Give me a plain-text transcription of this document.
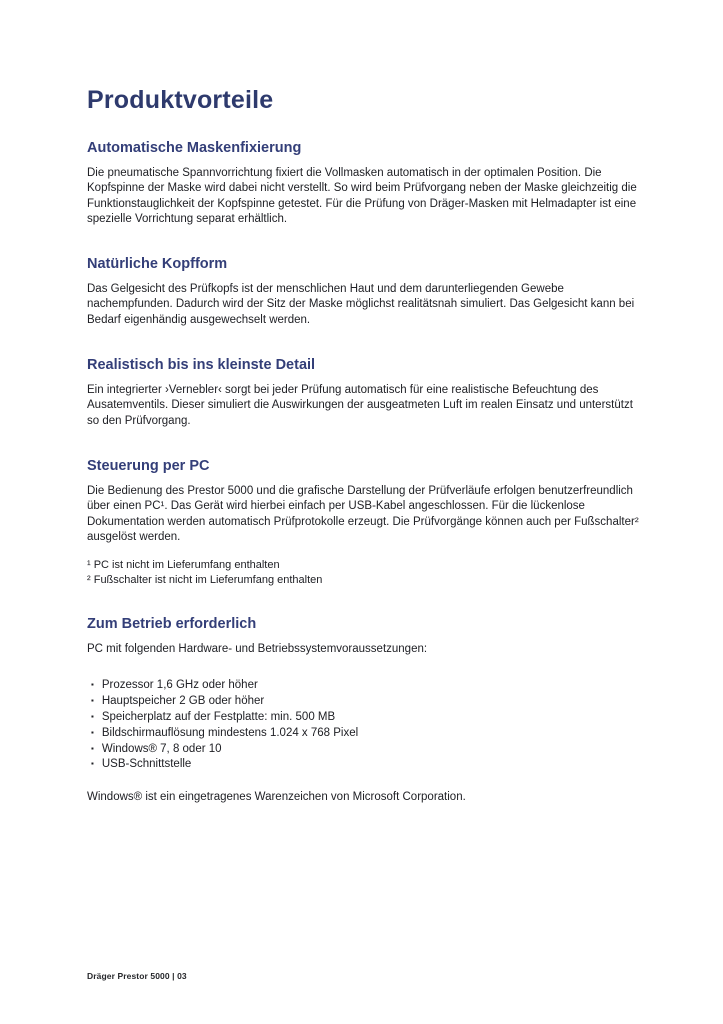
Produktvorteile
Automatische Maskenfixierung

Die pneumatische Spannvorrichtung fixiert die Vollmasken automatisch in der optimalen Position. Die Kopfspinne der Maske wird dabei nicht verstellt. So wird beim Prüfvorgang neben der Maske gleichzeitig die Funktionstauglichkeit der Kopfspinne getestet. Für die Prüfung von Dräger-Masken mit Helmadapter ist eine spezielle Vorrichtung separat erhältlich.

Natürliche Kopfform

Das Gelgesicht des Prüfkopfs ist der menschlichen Haut und dem darunterliegenden Gewebe nachempfunden. Dadurch wird der Sitz der Maske möglichst realitätsnah simuliert. Das Gelgesicht kann bei Bedarf eigenhändig ausgewechselt werden.

Realistisch bis ins kleinste Detail

Ein integrierter ›Vernebler‹ sorgt bei jeder Prüfung automatisch für eine realistische Befeuchtung des Ausatemventils. Dieser simuliert die Auswirkungen der ausgeatmeten Luft im realen Einsatz und unterstützt so den Prüfvorgang.

Steuerung per PC

Die Bedienung des Prestor 5000 und die grafische Darstellung der Prüfverläufe erfolgen benutzerfreundlich über einen PC¹. Das Gerät wird hierbei einfach per USB-Kabel angeschlossen. Für die lückenlose Dokumentation werden automatisch Prüfprotokolle erzeugt. Die Prüfvorgänge können auch per Fußschalter² ausgelöst werden.

¹ PC ist nicht im Lieferumfang enthalten

² Fußschalter ist nicht im Lieferumfang enthalten

Zum Betrieb erforderlich

PC mit folgenden Hardware- und Betriebssystemvoraussetzungen:

▪ Prozessor 1,6 GHz oder höher
▪ Hauptspeicher 2 GB oder höher
▪ Speicherplatz auf der Festplatte: min. 500 MB
▪ Bildschirmauflösung mindestens 1.024 x 768 Pixel
▪ Windows® 7, 8 oder 10
▪ USB-Schnittstelle

Windows® ist ein eingetragenes Warenzeichen von Microsoft Corporation.

Dräger Prestor 5000 | 03
